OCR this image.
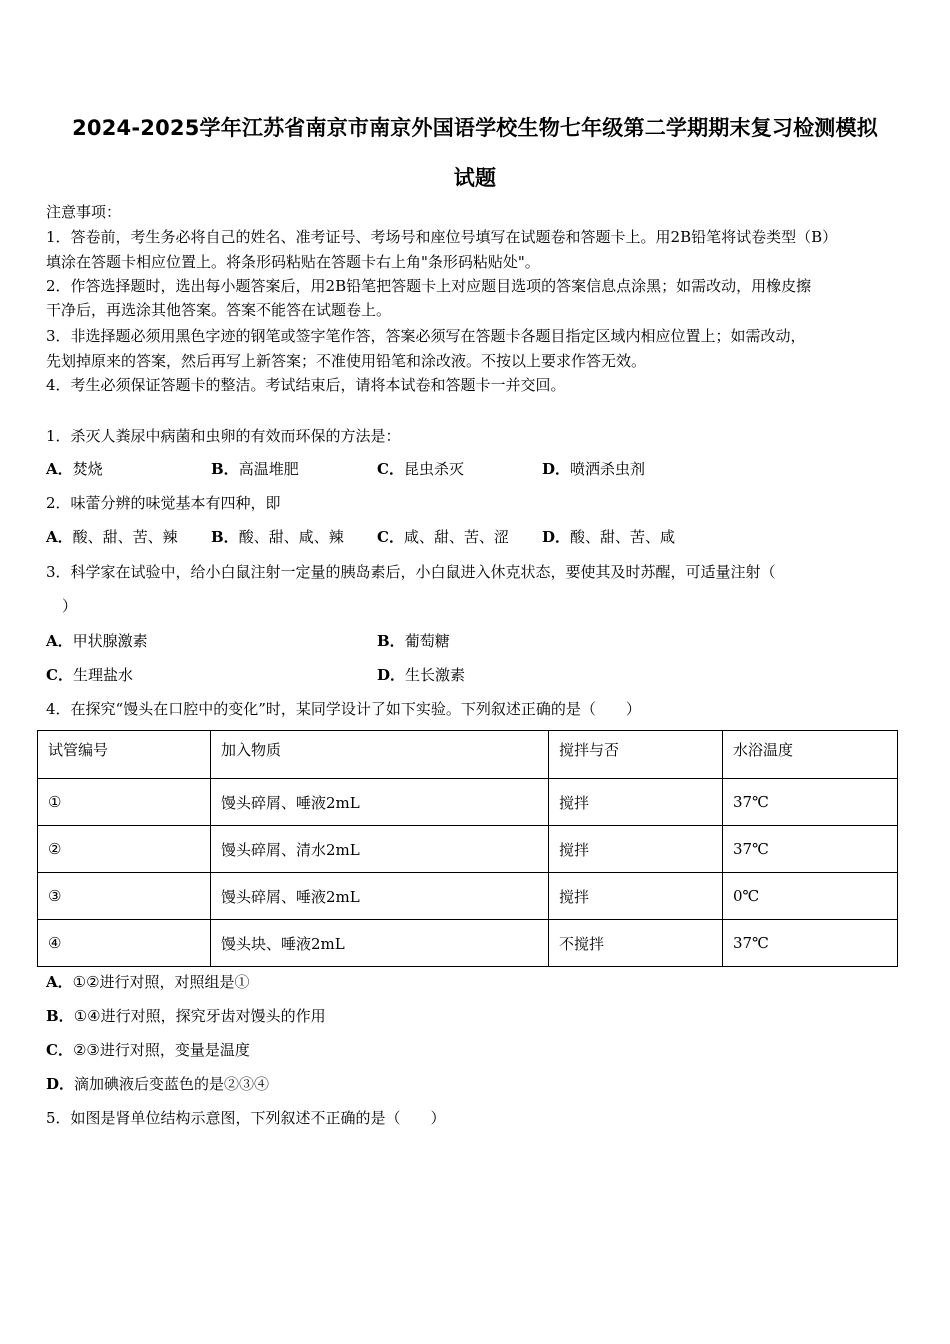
2024-2025学年江苏省南京市南京外国语学校生物七年级第二学期期末复习检测模拟
试题
注意事项：
1．答卷前，考生务必将自己的姓名、准考证号、考场号和座位号填写在试题卷和答题卡上。用2B铅笔将试卷类型（B）
填涂在答题卡相应位置上。将条形码粘贴在答题卡右上角"条形码粘贴处"。
2．作答选择题时，选出每小题答案后，用2B铅笔把答题卡上对应题目选项的答案信息点涂黑；如需改动，用橡皮擦
干净后，再选涂其他答案。答案不能答在试题卷上。
3．非选择题必须用黑色字迹的钢笔或签字笔作答，答案必须写在答题卡各题目指定区域内相应位置上；如需改动，
先划掉原来的答案，然后再写上新答案；不准使用铅笔和涂改液。不按以上要求作答无效。
4．考生必须保证答题卡的整洁。考试结束后，请将本试卷和答题卡一并交回。
1．杀灭人粪尿中病菌和虫卵的有效而环保的方法是：
A．焚烧	B．高温堆肥	C．昆虫杀灭	D．喷洒杀虫剂
2．味蕾分辨的味觉基本有四种，即
A．酸、甜、苦、辣 B．酸、甜、咸、辣 C．咸、甜、苦、涩 D．酸、甜、苦、咸
3．科学家在试验中，给小白鼠注射一定量的胰岛素后，小白鼠进入休克状态，要使其及时苏醒，可适量注射（
）
A．甲状腺激素	B．葡萄糖
C．生理盐水	D．生长激素
4．在探究“馒头在口腔中的变化”时，某同学设计了如下实验。下列叙述正确的是（　　）
试管编号	加入物质	搅拌与否	水浴温度
①	馒头碎屑、唾液2mL	搅拌	37℃
②	馒头碎屑、清水2mL	搅拌	37℃
③	馒头碎屑、唾液2mL	搅拌	0℃
④	馒头块、唾液2mL	不搅拌	37℃
A．①②进行对照，对照组是①
B．①④进行对照，探究牙齿对馒头的作用
C．②③进行对照，变量是温度
D．滴加碘液后变蓝色的是②③④
5．如图是肾单位结构示意图，下列叙述不正确的是（　　）
